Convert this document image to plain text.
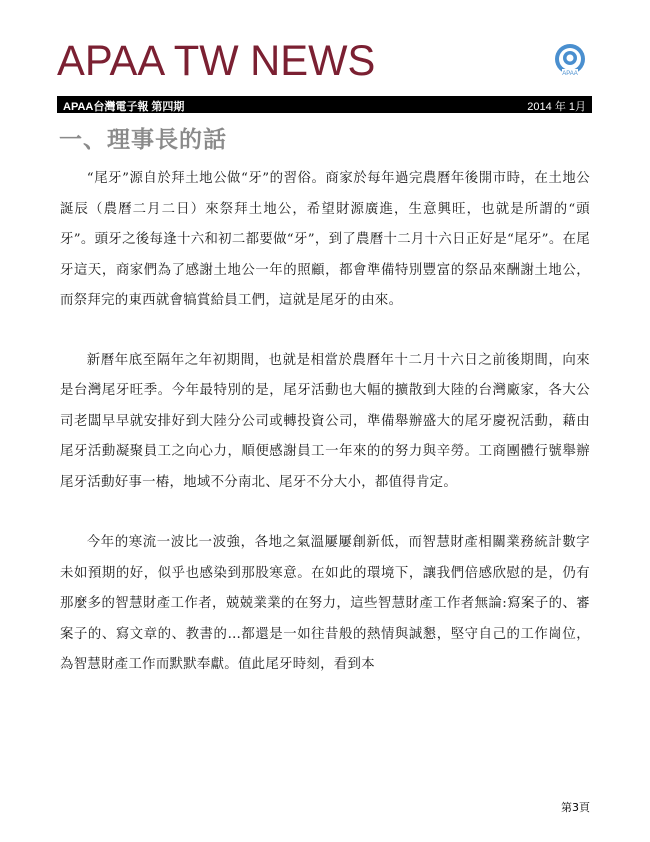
APAA TW NEWS	APAA
APAA台灣電子報 第四期	2014 年 1月
一、理事長的話

“尾牙”源自於拜土地公做“牙”的習俗。商家於每年過完農曆年後開市時，在土地公誕辰（農曆二月二日）來祭拜土地公，希望財源廣進，生意興旺，也就是所謂的“頭牙”。頭牙之後每逢十六和初二都要做“牙”，到了農曆十二月十六日正好是“尾牙”。在尾牙這天，商家們為了感謝土地公一年的照顧，都會準備特別豐富的祭品來酬謝土地公，而祭拜完的東西就會犒賞給員工們，這就是尾牙的由來。

新曆年底至隔年之年初期間，也就是相當於農曆年十二月十六日之前後期間，向來是台灣尾牙旺季。今年最特別的是，尾牙活動也大幅的擴散到大陸的台灣廠家，各大公司老闆早早就安排好到大陸分公司或轉投資公司，準備舉辦盛大的尾牙慶祝活動，藉由尾牙活動凝聚員工之向心力，順便感謝員工一年來的的努力與辛勞。工商團體行號舉辦尾牙活動好事一樁，地域不分南北、尾牙不分大小，都值得肯定。

今年的寒流一波比一波強，各地之氣溫屢屢創新低，而智慧財產相關業務統計數字未如預期的好，似乎也感染到那股寒意。在如此的環境下，讓我們倍感欣慰的是，仍有那麼多的智慧財產工作者，兢兢業業的在努力，這些智慧財產工作者無論:寫案子的、審案子的、寫文章的、教書的…都還是一如往昔般的熱情與誠懇，堅守自己的工作崗位，為智慧財產工作而默默奉獻。值此尾牙時刻，看到本

第3頁
